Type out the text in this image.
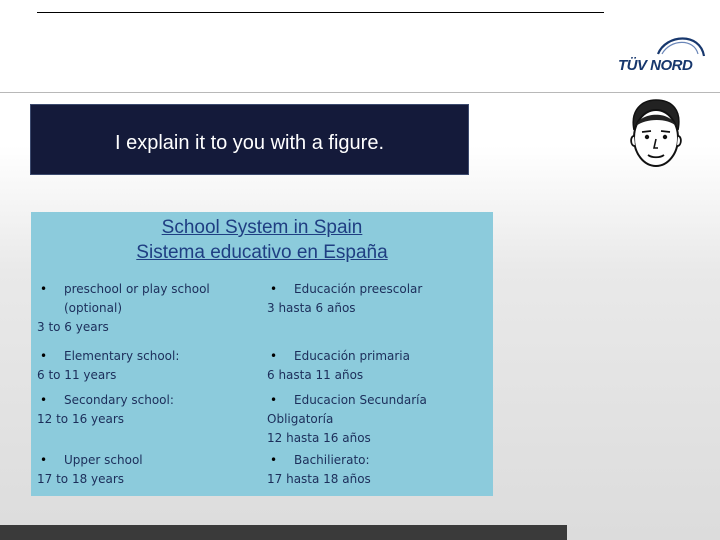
TÜV NORD
I explain it to you with a figure.
School System in Spain
Sistema educativo en España
•preschool or play school
(optional)
3 to 6 years
•Elementary school:
6 to 11 years
•Secondary school:
12 to 16 years
•Upper school
17 to 18 years
•Educación preescolar
3 hasta 6 años
•Educación primaria
6 hasta 11 años
•Educacion Secundaría
Obligatoría
12 hasta 16 años
•Bachilierato:
17 hasta 18 años
